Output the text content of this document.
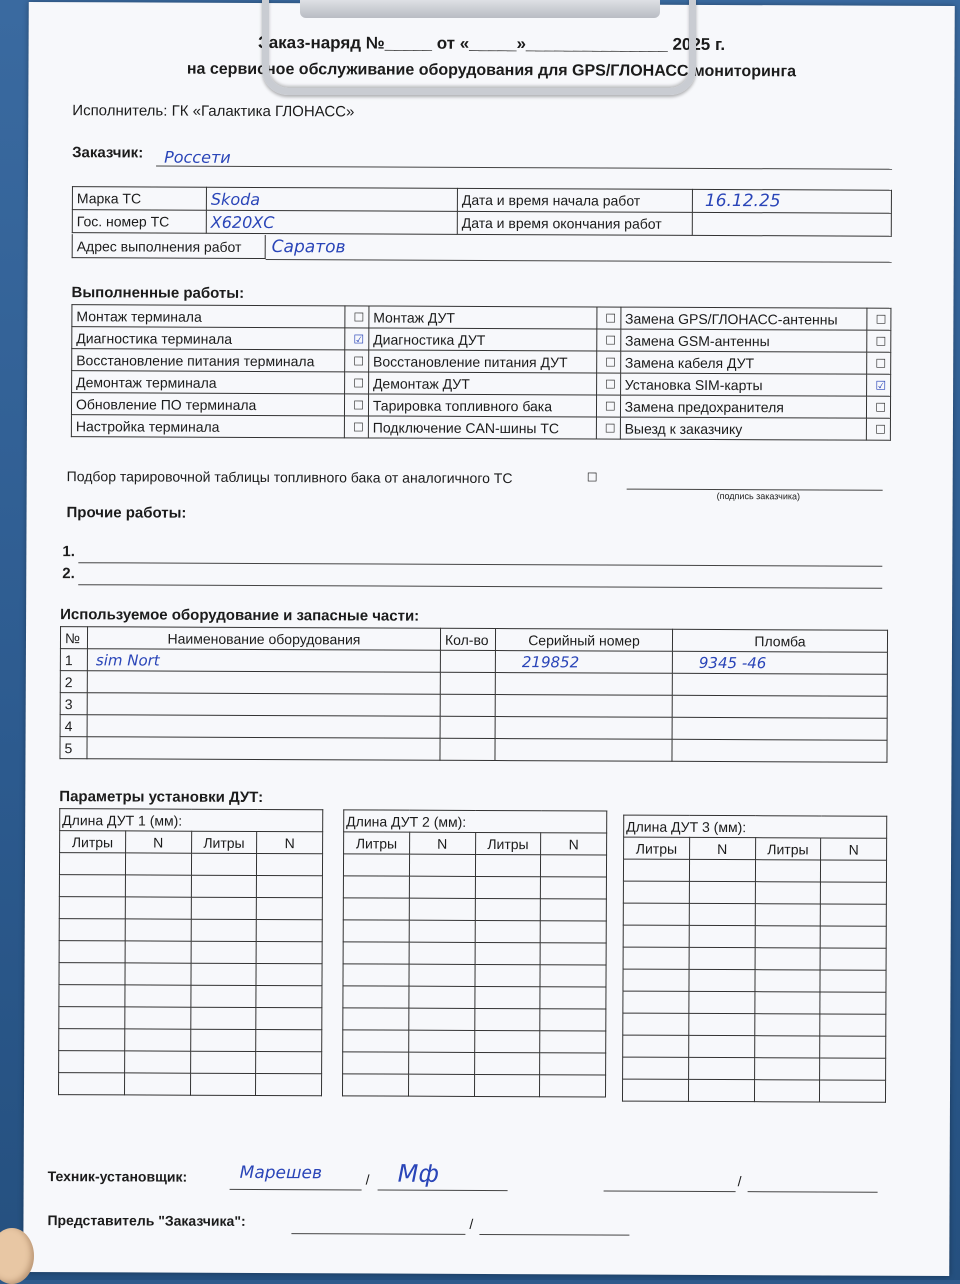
Заказ-наряд №_____ от «_____»_______________ 2025 г.
на сервисное обслуживание оборудования для GPS/ГЛОНАСС мониторинга
Исполнитель: ГК «Галактика ГЛОНАСС»
Заказчик:	Россети
Марка ТС	Skoda	Дата и время начала работ	16.12.25
Гос. номер ТС	Х620ХС	Дата и время окончания работ	
Адрес выполнения работ	Саратов
Выполненные работы:
Монтаж терминала	☐	Монтаж ДУТ	☐	Замена GPS/ГЛОНАСС-антенны	☐
Диагностика терминала	☑	Диагностика ДУТ	☐	Замена GSM-антенны	☐
Восстановление питания терминала	☐	Восстановление питания ДУТ	☐	Замена кабеля ДУТ	☐
Демонтаж терминала	☐	Демонтаж ДУТ	☐	Установка SIM-карты	☑
Обновление ПО терминала	☐	Тарировка топливного бака	☐	Замена предохранителя	☐
Настройка терминала	☐	Подключение CAN-шины ТС	☐	Выезд к заказчику	☐
Подбор тарировочной таблицы топливного бака от аналогичного ТС	☐
(подпись заказчика)
Прочие работы:
1.
2.
Используемое оборудование и запасные части:
№	Наименование оборудования	Кол-во	Серийный номер	Пломба
1	sim Nort		219852	9345 -46
2				
3				
4				
5				
Параметры установки ДУТ:
Длина ДУТ 1 (мм):			
Литры	N	Литры	N

Длина ДУТ 2 (мм):			
Литры	N	Литры	N

Длина ДУТ 3 (мм):			
Литры	N	Литры	N

Техник-установщик:	Марешев	/	Мф	/
Представитель "Заказчика":	/
